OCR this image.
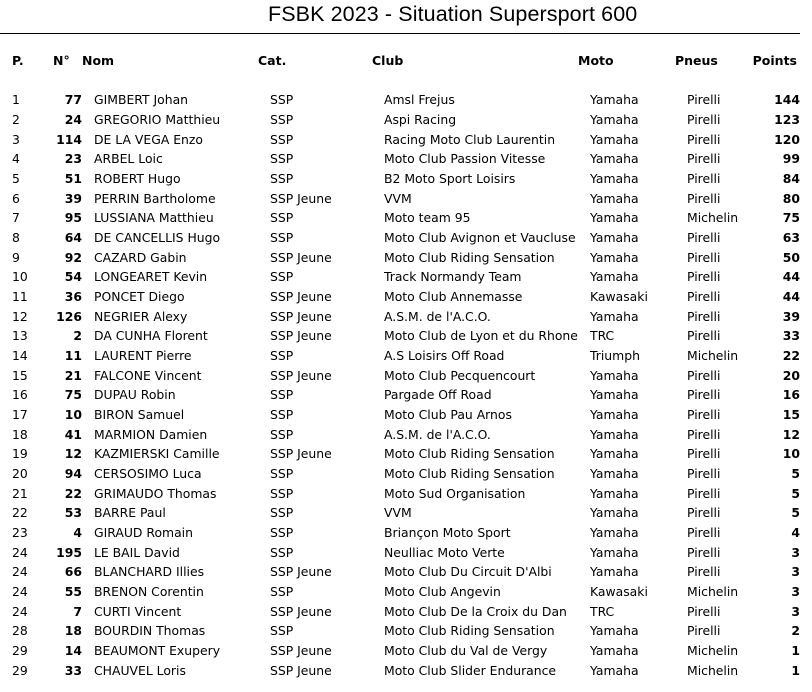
FSBK 2023 - Situation Supersport 600
P. N° Nom	Cat.	Club	Moto	Pneus	Points
1	77	GIMBERT Johan	SSP	Amsl Frejus	Yamaha	Pirelli	144
2	24	GREGORIO Matthieu	SSP	Aspi Racing	Yamaha	Pirelli	123
3	114	DE LA VEGA Enzo	SSP	Racing Moto Club Laurentin	Yamaha	Pirelli	120
4	23	ARBEL Loic	SSP	Moto Club Passion Vitesse	Yamaha	Pirelli	99
5	51	ROBERT Hugo	SSP	B2 Moto Sport Loisirs	Yamaha	Pirelli	84
6	39	PERRIN Bartholome	SSP Jeune	VVM	Yamaha	Pirelli	80
7	95	LUSSIANA Matthieu	SSP	Moto team 95	Yamaha	Michelin	75
8	64	DE CANCELLIS Hugo	SSP	Moto Club Avignon et Vaucluse	Yamaha	Pirelli	63
9	92	CAZARD Gabin	SSP Jeune	Moto Club Riding Sensation	Yamaha	Pirelli	50
10	54	LONGEARET Kevin	SSP	Track Normandy Team	Yamaha	Pirelli	44
11	36	PONCET Diego	SSP Jeune	Moto Club Annemasse	Kawasaki	Pirelli	44
12	126	NEGRIER Alexy	SSP Jeune	A.S.M. de l'A.C.O.	Yamaha	Pirelli	39
13	2	DA CUNHA Florent	SSP Jeune	Moto Club de Lyon et du Rhone	TRC	Pirelli	33
14	11	LAURENT Pierre	SSP	A.S Loisirs Off Road	Triumph	Michelin	22
15	21	FALCONE Vincent	SSP Jeune	Moto Club Pecquencourt	Yamaha	Pirelli	20
16	75	DUPAU Robin	SSP	Pargade Off Road	Yamaha	Pirelli	16
17	10	BIRON Samuel	SSP	Moto Club Pau Arnos	Yamaha	Pirelli	15
18	41	MARMION Damien	SSP	A.S.M. de l'A.C.O.	Yamaha	Pirelli	12
19	12	KAZMIERSKI Camille	SSP Jeune	Moto Club Riding Sensation	Yamaha	Pirelli	10
20	94	CERSOSIMO Luca	SSP	Moto Club Riding Sensation	Yamaha	Pirelli	5
21	22	GRIMAUDO Thomas	SSP	Moto Sud Organisation	Yamaha	Pirelli	5
22	53	BARRE Paul	SSP	VVM	Yamaha	Pirelli	5
23	4	GIRAUD Romain	SSP	Briançon Moto Sport	Yamaha	Pirelli	4
24	195	LE BAIL David	SSP	Neulliac Moto Verte	Yamaha	Pirelli	3
24	66	BLANCHARD Illies	SSP Jeune	Moto Club Du Circuit D'Albi	Yamaha	Pirelli	3
24	55	BRENON Corentin	SSP	Moto Club Angevin	Kawasaki	Michelin	3
24	7	CURTI Vincent	SSP Jeune	Moto Club De la Croix du Dan	TRC	Pirelli	3
28	18	BOURDIN Thomas	SSP	Moto Club Riding Sensation	Yamaha	Pirelli	2
29	14	BEAUMONT Exupery	SSP Jeune	Moto Club du Val de Vergy	Yamaha	Michelin	1
29	33	CHAUVEL Loris	SSP Jeune	Moto Club Slider Endurance	Yamaha	Michelin	1
